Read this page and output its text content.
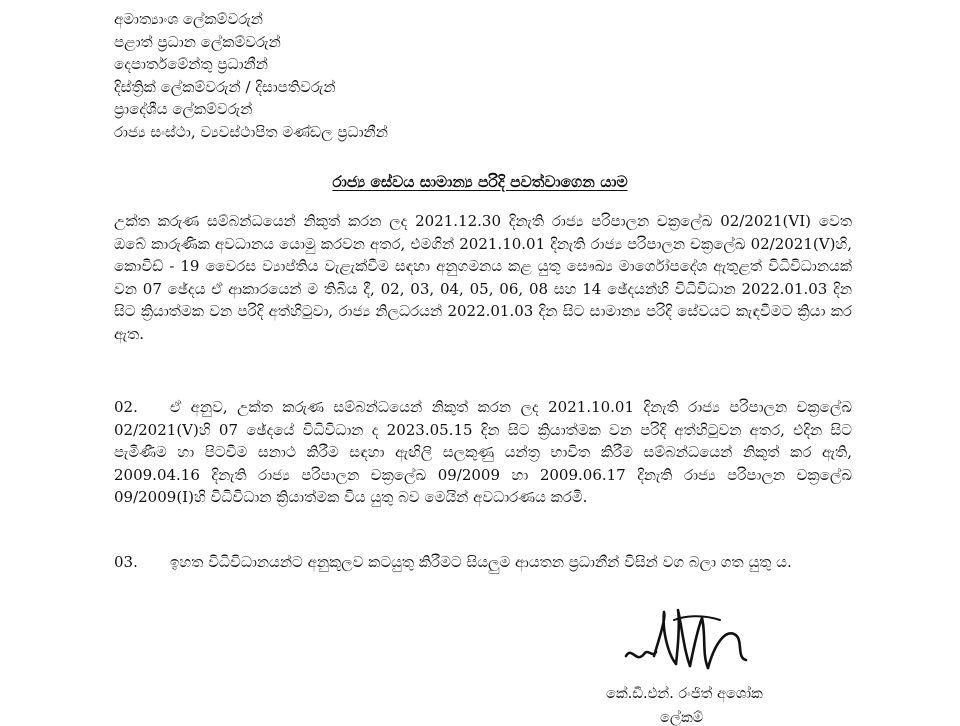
අමාත්‍යාංශ ලේකම්වරුන්
පළාත් ප්‍රධාන ලේකම්වරුන්
දෙපාර්තමේන්තු ප්‍රධානීන්
දිස්ත්‍රික් ලේකම්වරුන් / දිසාපතිවරුන්
ප්‍රාදේශීය ලේකම්වරුන්
රාජ්‍ය සංස්ථා, ව්‍යවස්ථාපිත මණ්ඩල ප්‍රධානීන්
රාජ්‍ය සේවය සාමාන්‍ය පරිදි පවත්වාගෙන යාම
උක්ත කරුණ සම්බන්ධයෙන් නිකුත් කරන ලද 2021.12.30 දිනැති රාජ්‍ය පරිපාලන චක්‍රලේඛ 02/2021(VI) වෙත ඔබේ කාරුණික අවධානය යොමු කරවන අතර, එමගින් 2021.10.01 දිනැති රාජ්‍ය පරිපාලන චක්‍රලේඛ 02/2021(V)හි, කොවිඩ් - 19 වෛරස ව්‍යාප්තිය වැළැක්වීම සඳහා අනුගමනය කළ යුතු සෞඛ්‍ය මාර්ගෝපදේශ ඇතුළත් විධිවිධානයක් වන 07 ඡේදය ඒ ආකාරයෙන් ම තිබිය දී, 02, 03, 04, 05, 06, 08 සහ 14 ඡේදයන්හි විධිවිධාන 2022.01.03 දින සිට ක්‍රියාත්මක වන පරිදි අත්හිටුවා, රාජ්‍ය නිලධරයන් 2022.01.03 දින සිට සාමාන්‍ය පරිදි සේවයට කැඳවීමට ක්‍රියා කර ඇත.
02. ඒ අනුව, උක්ත කරුණ සම්බන්ධයෙන් නිකුත් කරන ලද 2021.10.01 දිනැති රාජ්‍ය පරිපාලන චක්‍රලේඛ 02/2021(V)හි 07 ඡේදයේ විධිවිධාන ද 2023.05.15 දින සිට ක්‍රියාත්මක වන පරිදි අත්හිටුවන අතර, එදින සිට පැමිණීම හා පිටවීම සනාථ කිරීම සඳහා ඇඟිලි සලකුණු යන්ත්‍ර භාවිත කිරීම සම්බන්ධයෙන් නිකුත් කර ඇති, 2009.04.16 දිනැති රාජ්‍ය පරිපාලන චක්‍රලේඛ 09/2009 හා 2009.06.17 දිනැති රාජ්‍ය පරිපාලන චක්‍රලේඛ 09/2009(I)හි විධිවිධාන ක්‍රියාත්මක විය යුතු බව මෙයින් අවධාරණය කරමි.
03. ඉහත විධිවිධානයන්ට අනුකූලව කටයුතු කිරීමට සියලුම ආයතන ප්‍රධානීන් විසින් වග බලා ගත යුතු ය.
කේ.ඩී.එන්. රංජිත් අශෝක
ලේකම්
